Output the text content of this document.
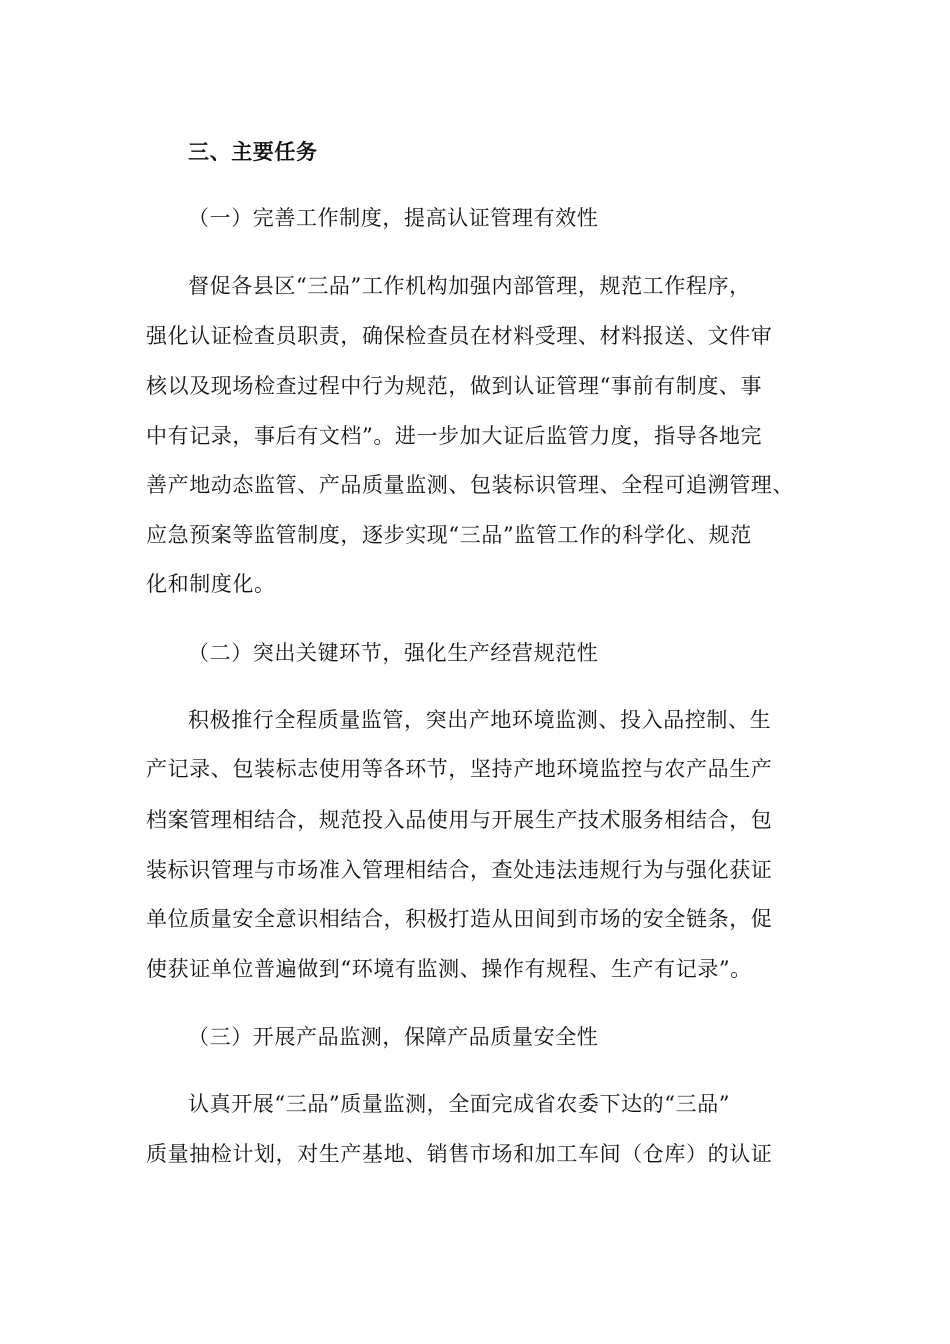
三、主要任务
（一）完善工作制度，提高认证管理有效性
督促各县区“三品”工作机构加强内部管理，规范工作程序，
强化认证检查员职责，确保检查员在材料受理、材料报送、文件审
核以及现场检查过程中行为规范，做到认证管理“事前有制度、事
中有记录，事后有文档”。进一步加大证后监管力度，指导各地完
善产地动态监管、产品质量监测、包装标识管理、全程可追溯管理、
应急预案等监管制度，逐步实现“三品”监管工作的科学化、规范
化和制度化。
（二）突出关键环节，强化生产经营规范性
积极推行全程质量监管，突出产地环境监测、投入品控制、生
产记录、包装标志使用等各环节，坚持产地环境监控与农产品生产
档案管理相结合，规范投入品使用与开展生产技术服务相结合，包
装标识管理与市场准入管理相结合，查处违法违规行为与强化获证
单位质量安全意识相结合，积极打造从田间到市场的安全链条，促
使获证单位普遍做到“环境有监测、操作有规程、生产有记录”。
（三）开展产品监测，保障产品质量安全性
认真开展“三品”质量监测，全面完成省农委下达的“三品”
质量抽检计划，对生产基地、销售市场和加工车间（仓库）的认证
